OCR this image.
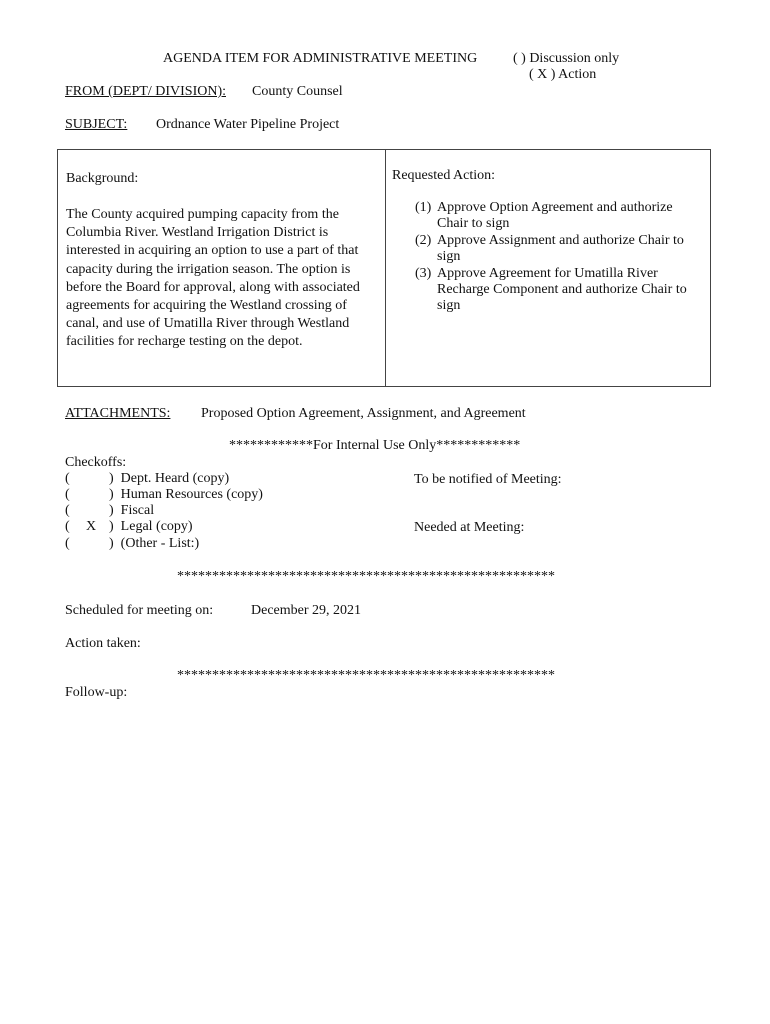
AGENDA ITEM FOR ADMINISTRATIVE MEETING	( ) Discussion only
( X ) Action
FROM (DEPT/ DIVISION): County Counsel
SUBJECT: Ordnance Water Pipeline Project
Background:
The County acquired pumping capacity from the Columbia River. Westland Irrigation District is interested in acquiring an option to use a part of that capacity during the irrigation season. The option is before the Board for approval, along with associated agreements for acquiring the Westland crossing of canal, and use of Umatilla River through Westland facilities for recharge testing on the depot.
Requested Action:
(1) Approve Option Agreement and authorize Chair to sign
(2) Approve Assignment and authorize Chair to sign
(3) Approve Agreement for Umatilla River Recharge Component and authorize Chair to sign
ATTACHMENTS: Proposed Option Agreement, Assignment, and Agreement
************For Internal Use Only************
Checkoffs:
(	)  Dept. Heard (copy)
(	)  Human Resources (copy)
(	)  Fiscal
( X )  Legal (copy)
(	)  (Other - List:)
To be notified of Meeting:
Needed at Meeting:
******************************************************
Scheduled for meeting on:	December 29, 2021
Action taken:
******************************************************
Follow-up:
